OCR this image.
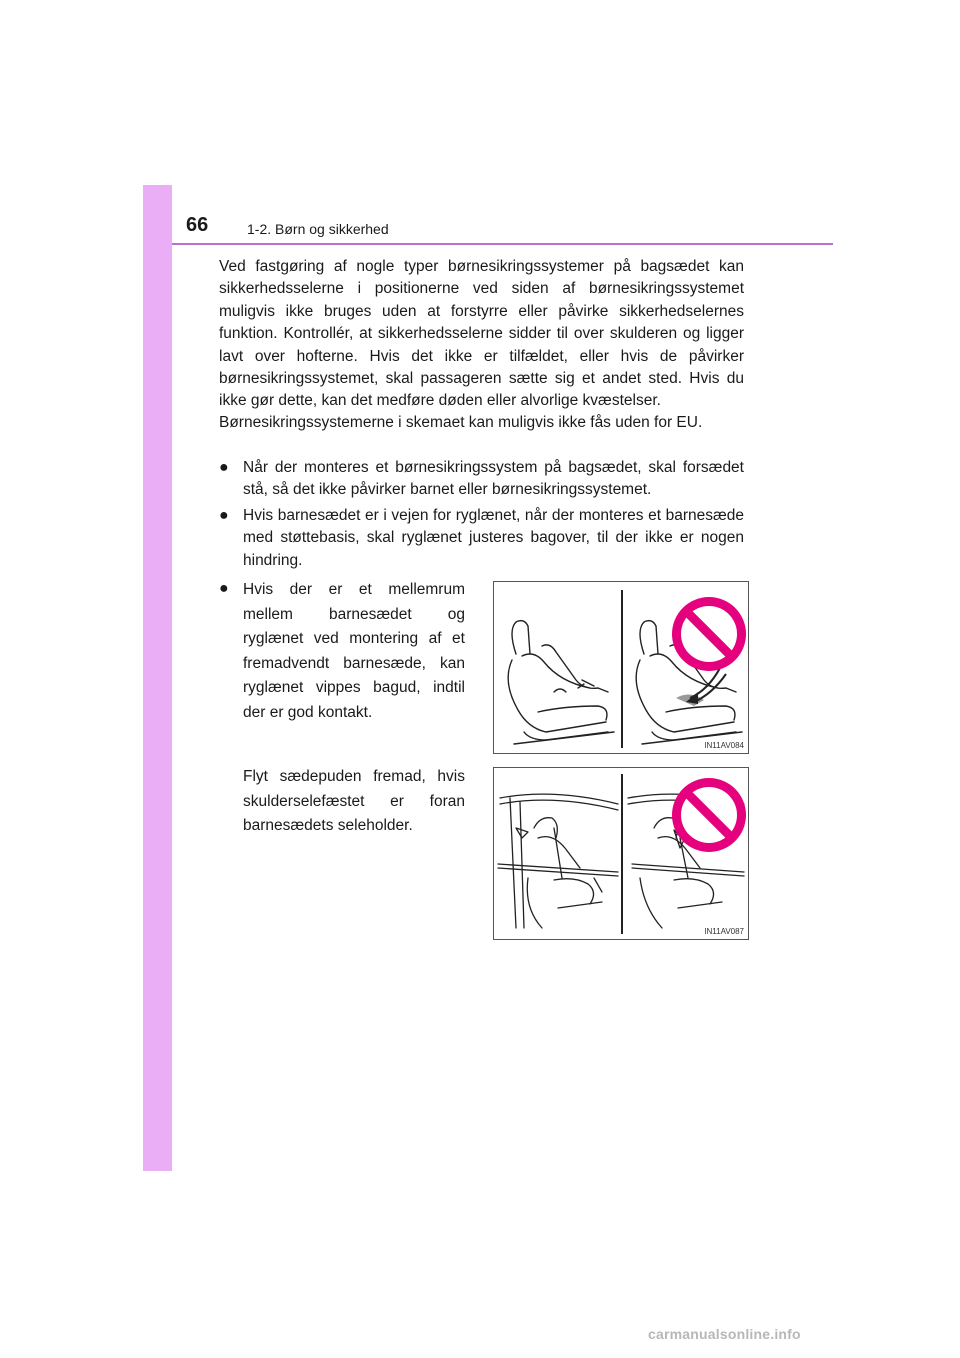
66	1-2. Børn og sikkerhed
Ved fastgøring af nogle typer børnesikringssystemer på bagsædet kan sikkerhedsselerne i positionerne ved siden af børnesikringssystemet muligvis ikke bruges uden at forstyrre eller påvirke sikkerhedselernes funktion. Kontrollér, at sikkerhedsselerne sidder til over skulderen og ligger lavt over hofterne. Hvis det ikke er tilfældet, eller hvis de påvirker børnesikringssystemet, skal passageren sætte sig et andet sted. Hvis du ikke gør dette, kan det medføre døden eller alvorlige kvæstelser.
Børnesikringssystemerne i skemaet kan muligvis ikke fås uden for EU.
● Når der monteres et børnesikringssystem på bagsædet, skal forsædet stå, så det ikke påvirker barnet eller børnesikringssystemet.
● Hvis barnesædet er i vejen for ryglænet, når der monteres et barnesæde med støttebasis, skal ryglænet justeres bagover, til der ikke er nogen hindring.
● Hvis der er et mellemrum mellem barnesædet og ryglænet ved montering af et fremadvendt barnesæde, kan ryglænet vippes bagud, indtil der er god kontakt.
Flyt sædepuden fremad, hvis skulderselefæstet er foran barnesædets seleholder.
IN11AV084
IN11AV087
carmanualsonline.info
